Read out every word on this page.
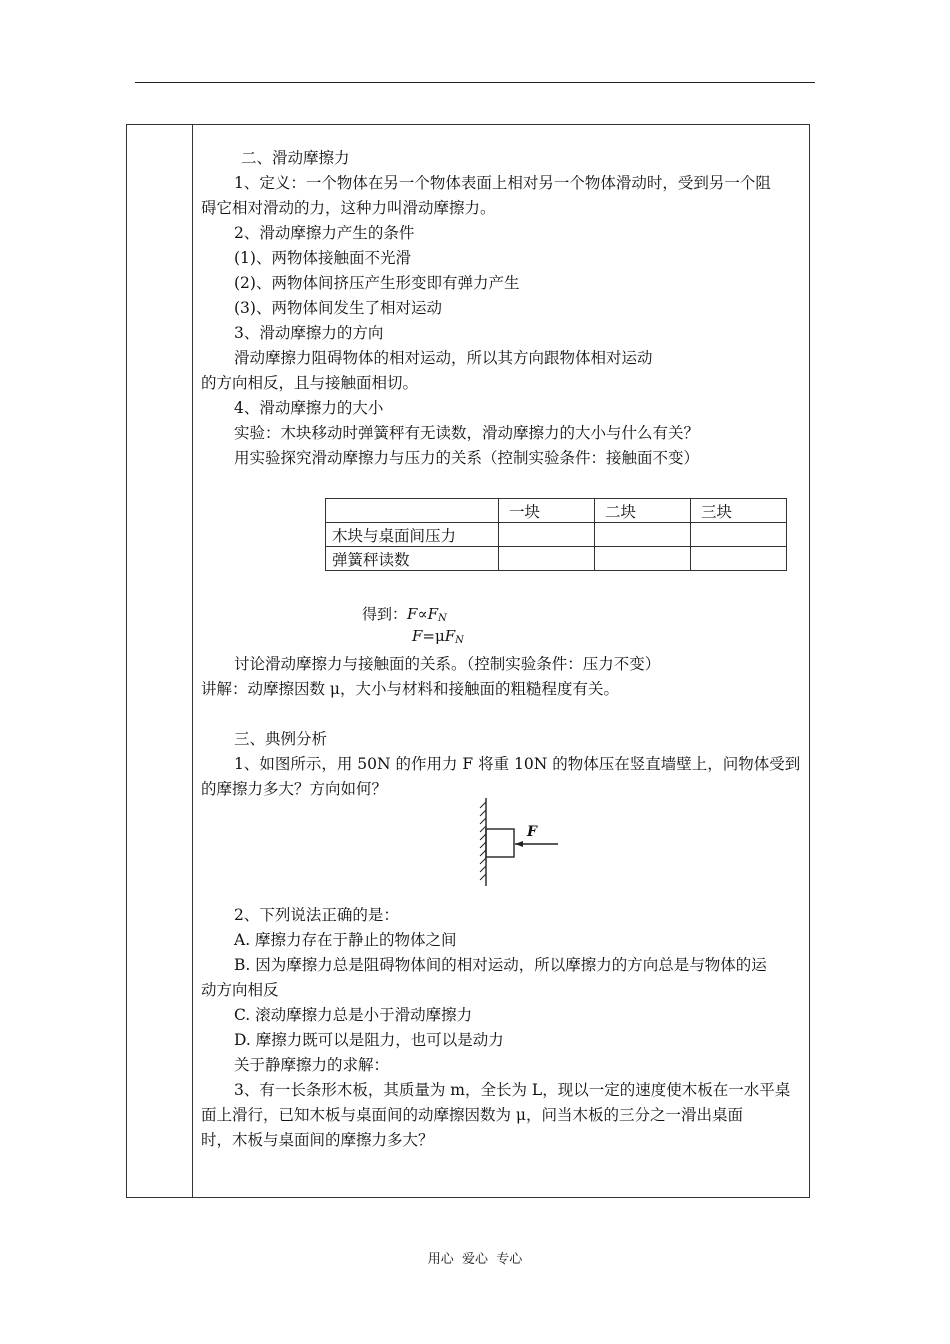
二、滑动摩擦力
1、定义：一个物体在另一个物体表面上相对另一个物体滑动时，受到另一个阻
碍它相对滑动的力，这种力叫滑动摩擦力。
2、滑动摩擦力产生的条件
(1)、两物体接触面不光滑
(2)、两物体间挤压产生形变即有弹力产生
(3)、两物体间发生了相对运动
3、滑动摩擦力的方向
滑动摩擦力阻碍物体的相对运动，所以其方向跟物体相对运动
的方向相反，且与接触面相切。
4、滑动摩擦力的大小
实验：木块移动时弹簧秤有无读数，滑动摩擦力的大小与什么有关？
用实验探究滑动摩擦力与压力的关系（控制实验条件：接触面不变）
	一块	二块	三块
木块与桌面间压力			
弹簧秤读数			
得到：$F\propto F_N$
$F=\mu F_N$
讨论滑动摩擦力与接触面的关系。（控制实验条件：压力不变）
讲解：动摩擦因数 μ，大小与材料和接触面的粗糙程度有关。
三、典例分析
1、如图所示，用 50N 的作用力 F 将重 10N 的物体压在竖直墙壁上，问物体受到
的摩擦力多大？方向如何？
F
2、下列说法正确的是：
A. 摩擦力存在于静止的物体之间
B. 因为摩擦力总是阻碍物体间的相对运动，所以摩擦力的方向总是与物体的运
动方向相反
C. 滚动摩擦力总是小于滑动摩擦力
D. 摩擦力既可以是阻力，也可以是动力
关于静摩擦力的求解：
3、有一长条形木板，其质量为 m，全长为 L，现以一定的速度使木板在一水平桌
面上滑行，已知木板与桌面间的动摩擦因数为 μ，问当木板的三分之一滑出桌面
时，木板与桌面间的摩擦力多大？
用心  爱心  专心
